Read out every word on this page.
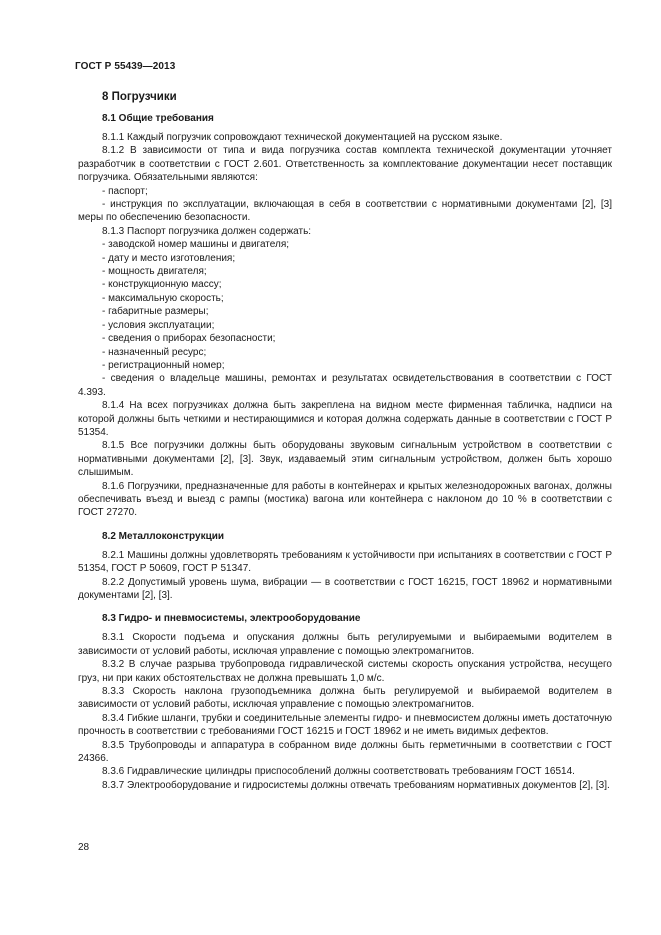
ГОСТ Р 55439—2013
8 Погрузчики
8.1 Общие требования

8.1.1 Каждый погрузчик сопровождают технической документацией на русском языке.

8.1.2 В зависимости от типа и вида погрузчика состав комплекта технической документации уточняет разработчик в соответствии с ГОСТ 2.601. Ответственность за комплектование документации несет поставщик погрузчика. Обязательными являются:

- паспорт;

- инструкция по эксплуатации, включающая в себя в соответствии с нормативными документами [2], [3] меры по обеспечению безопасности.

8.1.3 Паспорт погрузчика должен содержать:

- заводской номер машины и двигателя;

- дату и место изготовления;

- мощность двигателя;

- конструкционную массу;

- максимальную скорость;

- габаритные размеры;

- условия эксплуатации;

- сведения о приборах безопасности;

- назначенный ресурс;

- регистрационный номер;

- сведения о владельце машины, ремонтах и результатах освидетельствования в соответствии с ГОСТ 4.393.

8.1.4 На всех погрузчиках должна быть закреплена на видном месте фирменная табличка, надписи на которой должны быть четкими и нестирающимися и которая должна содержать данные в соответствии с ГОСТ Р 51354.

8.1.5 Все погрузчики должны быть оборудованы звуковым сигнальным устройством в соответствии с нормативными документами [2], [3]. Звук, издаваемый этим сигнальным устройством, должен быть хорошо слышимым.

8.1.6 Погрузчики, предназначенные для работы в контейнерах и крытых железнодорожных вагонах, должны обеспечивать въезд и выезд с рампы (мостика) вагона или контейнера с наклоном до 10 % в соответствии с ГОСТ 27270.

8.2 Металлоконструкции

8.2.1 Машины должны удовлетворять требованиям к устойчивости при испытаниях в соответствии с ГОСТ Р 51354, ГОСТ Р 50609, ГОСТ Р 51347.

8.2.2 Допустимый уровень шума, вибрации — в соответствии с ГОСТ 16215, ГОСТ 18962 и нормативными документами [2], [3].

8.3 Гидро- и пневмосистемы, электрооборудование

8.3.1 Скорости подъема и опускания должны быть регулируемыми и выбираемыми водителем в зависимости от условий работы, исключая управление с помощью электромагнитов.

8.3.2 В случае разрыва трубопровода гидравлической системы скорость опускания устройства, несущего груз, ни при каких обстоятельствах не должна превышать 1,0 м/с.

8.3.3 Скорость наклона грузоподъемника должна быть регулируемой и выбираемой водителем в зависимости от условий работы, исключая управление с помощью электромагнитов.

8.3.4 Гибкие шланги, трубки и соединительные элементы гидро- и пневмосистем должны иметь достаточную прочность в соответствии с требованиями ГОСТ 16215 и ГОСТ 18962 и не иметь видимых дефектов.

8.3.5 Трубопроводы и аппаратура в собранном виде должны быть герметичными в соответствии с ГОСТ 24366.

8.3.6 Гидравлические цилиндры приспособлений должны соответствовать требованиям ГОСТ 16514.

8.3.7 Электрооборудование и гидросистемы должны отвечать требованиям нормативных документов [2], [3].

28
